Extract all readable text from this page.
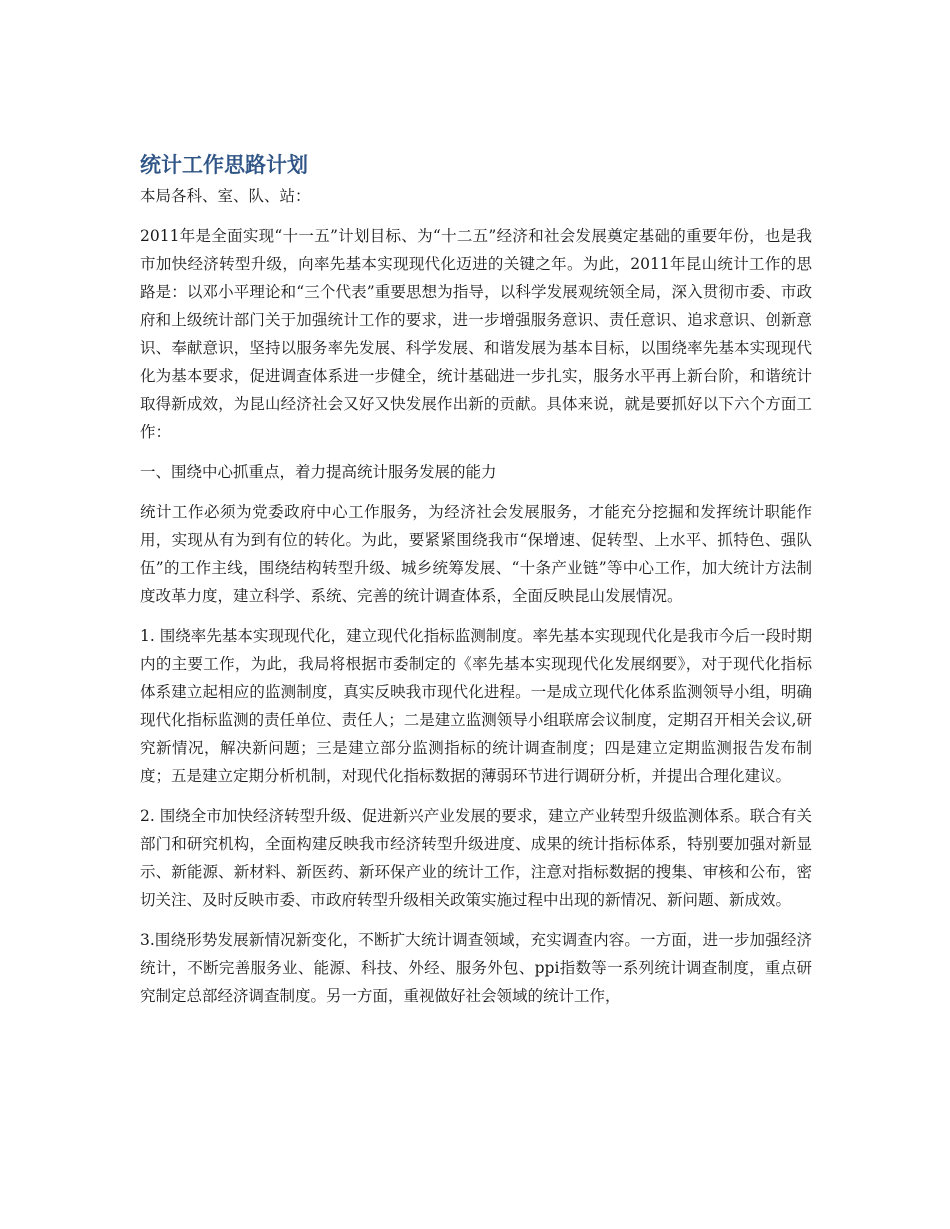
统计工作思路计划

本局各科、室、队、站：

2011年是全面实现“十一五”计划目标、为“十二五”经济和社会发展奠定基础的重要年份，也是我市加快经济转型升级，向率先基本实现现代化迈进的关键之年。为此，2011年昆山统计工作的思路是：以邓小平理论和“三个代表”重要思想为指导，以科学发展观统领全局，深入贯彻市委、市政府和上级统计部门关于加强统计工作的要求，进一步增强服务意识、责任意识、追求意识、创新意识、奉献意识，坚持以服务率先发展、科学发展、和谐发展为基本目标，以围绕率先基本实现现代化为基本要求，促进调查体系进一步健全，统计基础进一步扎实，服务水平再上新台阶，和谐统计取得新成效，为昆山经济社会又好又快发展作出新的贡献。具体来说，就是要抓好以下六个方面工作：

一、围绕中心抓重点，着力提高统计服务发展的能力

统计工作必须为党委政府中心工作服务，为经济社会发展服务，才能充分挖掘和发挥统计职能作用，实现从有为到有位的转化。为此，要紧紧围绕我市“保增速、促转型、上水平、抓特色、强队伍”的工作主线，围绕结构转型升级、城乡统筹发展、“十条产业链”等中心工作，加大统计方法制度改革力度，建立科学、系统、完善的统计调查体系，全面反映昆山发展情况。

1. 围绕率先基本实现现代化，建立现代化指标监测制度。率先基本实现现代化是我市今后一段时期内的主要工作，为此，我局将根据市委制定的《率先基本实现现代化发展纲要》，对于现代化指标体系建立起相应的监测制度，真实反映我市现代化进程。一是成立现代化体系监测领导小组，明确现代化指标监测的责任单位、责任人；二是建立监测领导小组联席会议制度，定期召开相关会议,研究新情况，解决新问题；三是建立部分监测指标的统计调查制度；四是建立定期监测报告发布制度；五是建立定期分析机制，对现代化指标数据的薄弱环节进行调研分析，并提出合理化建议。

2. 围绕全市加快经济转型升级、促进新兴产业发展的要求，建立产业转型升级监测体系。联合有关部门和研究机构，全面构建反映我市经济转型升级进度、成果的统计指标体系，特别要加强对新显示、新能源、新材料、新医药、新环保产业的统计工作，注意对指标数据的搜集、审核和公布，密切关注、及时反映市委、市政府转型升级相关政策实施过程中出现的新情况、新问题、新成效。

3.围绕形势发展新情况新变化，不断扩大统计调查领域，充实调查内容。一方面，进一步加强经济统计，不断完善服务业、能源、科技、外经、服务外包、ppi指数等一系列统计调查制度，重点研究制定总部经济调查制度。另一方面，重视做好社会领域的统计工作，
